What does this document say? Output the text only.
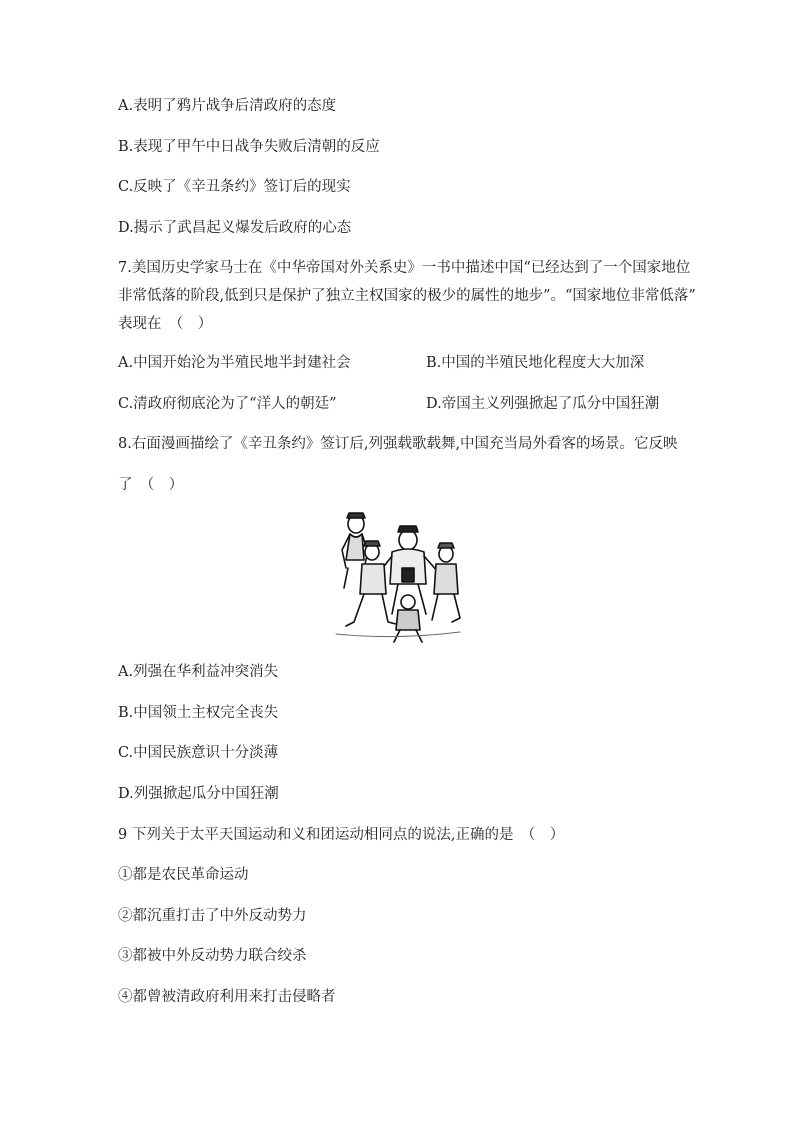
A.表明了鸦片战争后清政府的态度
B.表现了甲午中日战争失败后清朝的反应
C.反映了《辛丑条约》签订后的现实
D.揭示了武昌起义爆发后政府的心态
7.美国历史学家马士在《中华帝国对外关系史》一书中描述中国“已经达到了一个国家地位
非常低落的阶段,低到只是保护了独立主权国家的极少的属性的地步”。“国家地位非常低落”
表现在　（　）
A.中国开始沦为半殖民地半封建社会	B.中国的半殖民地化程度大大加深
C.清政府彻底沦为了“洋人的朝廷”	D.帝国主义列强掀起了瓜分中国狂潮
8.右面漫画描绘了《辛丑条约》签订后,列强载歌载舞,中国充当局外看客的场景。它反映
了　（　）
A.列强在华利益冲突消失
B.中国领土主权完全丧失
C.中国民族意识十分淡薄
D.列强掀起瓜分中国狂潮
9 下列关于太平天国运动和义和团运动相同点的说法,正确的是　（　）
①都是农民革命运动
②都沉重打击了中外反动势力
③都被中外反动势力联合绞杀
④都曾被清政府利用来打击侵略者
